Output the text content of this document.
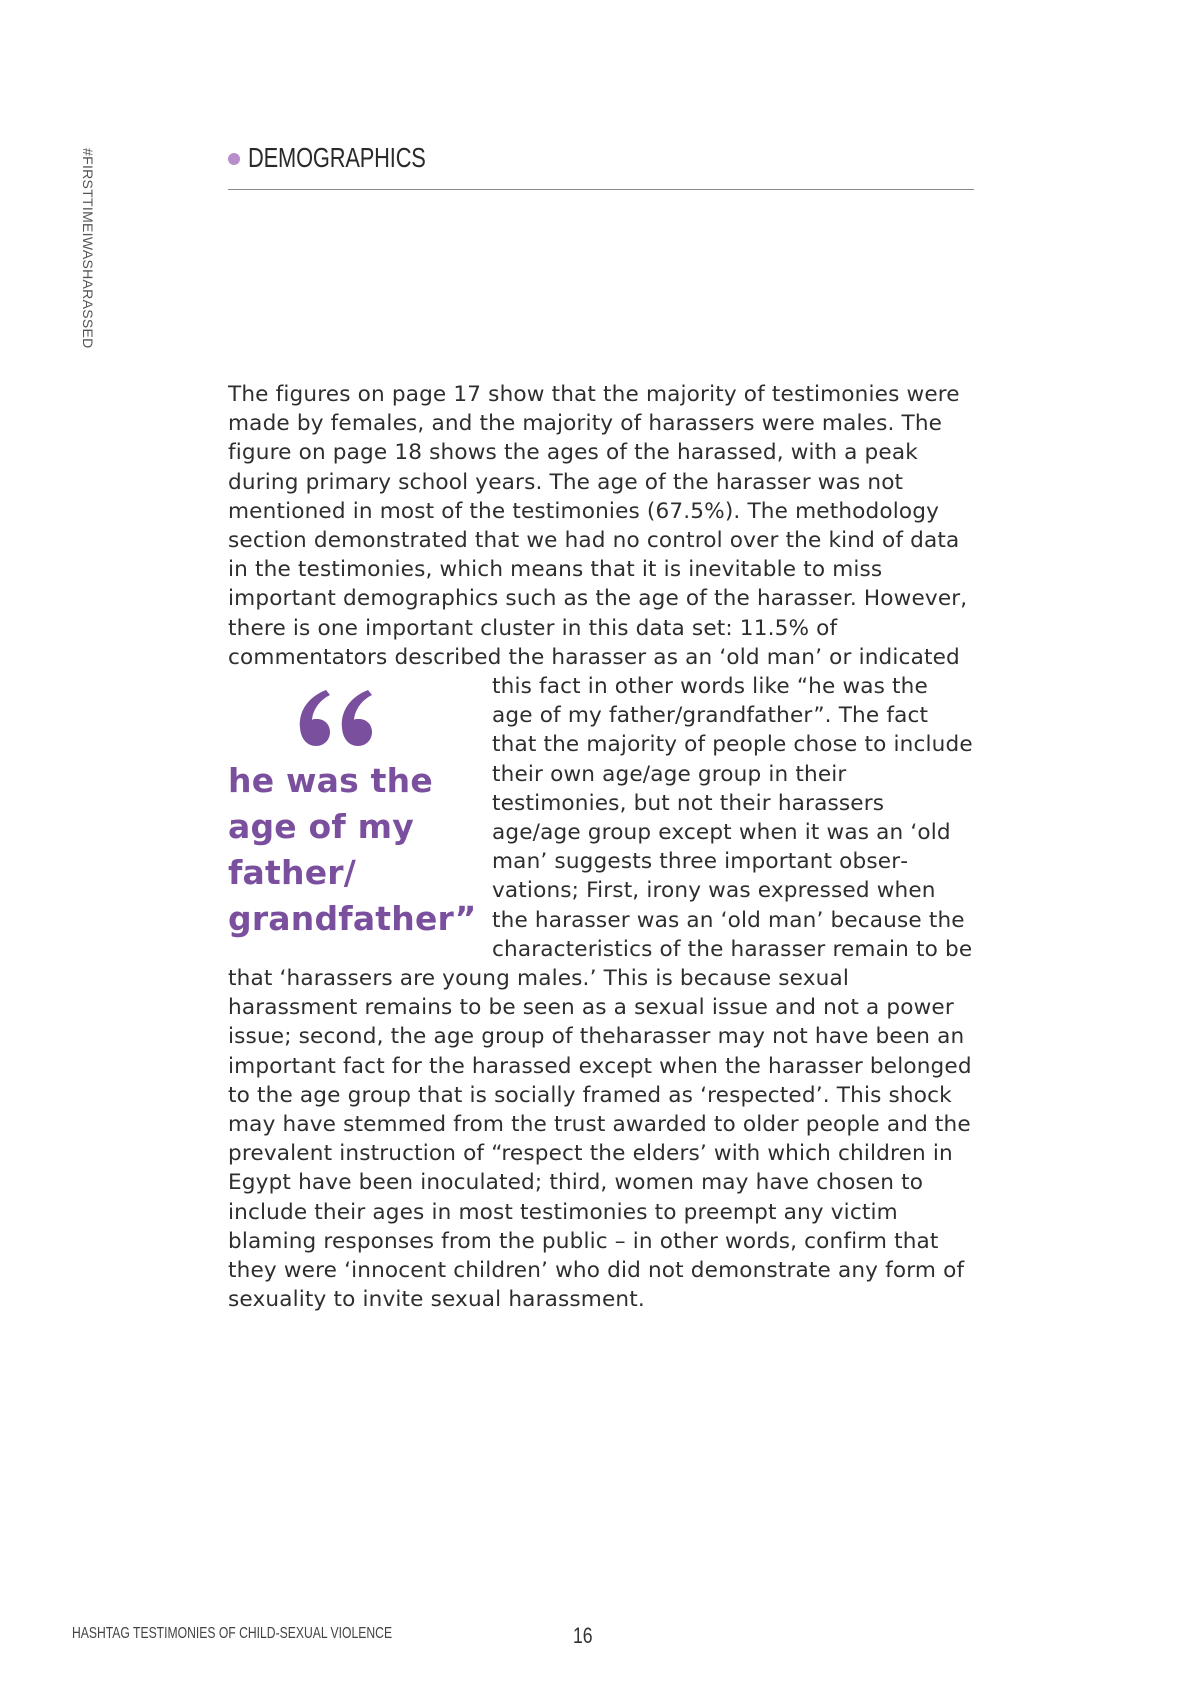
#FIRSTTIMEIWASHARASSED	DEMOGRAPHICS

The figures on page 17 show that the majority of testimonies were made by females, and the majority of harassers were males. The figure on page 18 shows the ages of the harassed, with a peak during primary school years. The age of the harasser was not mentioned in most of the testimonies (67.5%). The methodology section demonstrated that we had no control over the kind of data in the testimonies, which means that it is inevitable to miss important demographics such as the age of the harasser. However, there is one important cluster in this data set: 11.5% of commentators described the harasser as an ‘old man’ or indicated

he was the age of my father/ grandfather”

this fact in other words like “he was the age of my father/grandfather”. The fact that the majority of people chose to include their own age/age group in their testimonies, but not their harassers age/age group except when it was an ‘old man’ suggests three important observations; First, irony was expressed when the harasser was an ‘old man’ because the characteristics of the harasser remain to be that ‘harassers are young males.’ This is because sexual harassment remains to be seen as a sexual issue and not a power issue; second, the age group of theharasser may not have been an important fact for the harassed except when the harasser belonged to the age group that is socially framed as ‘respected’. This shock may have stemmed from the trust awarded to older people and the prevalent instruction of “respect the elders’ with which children in Egypt have been inoculated; third, women may have chosen to include their ages in most testimonies to preempt any victim blaming responses from the public – in other words, confirm that they were ‘innocent children’ who did not demonstrate any form of sexuality to invite sexual harassment.

HASHTAG TESTIMONIES OF CHILD-SEXUAL VIOLENCE	16
